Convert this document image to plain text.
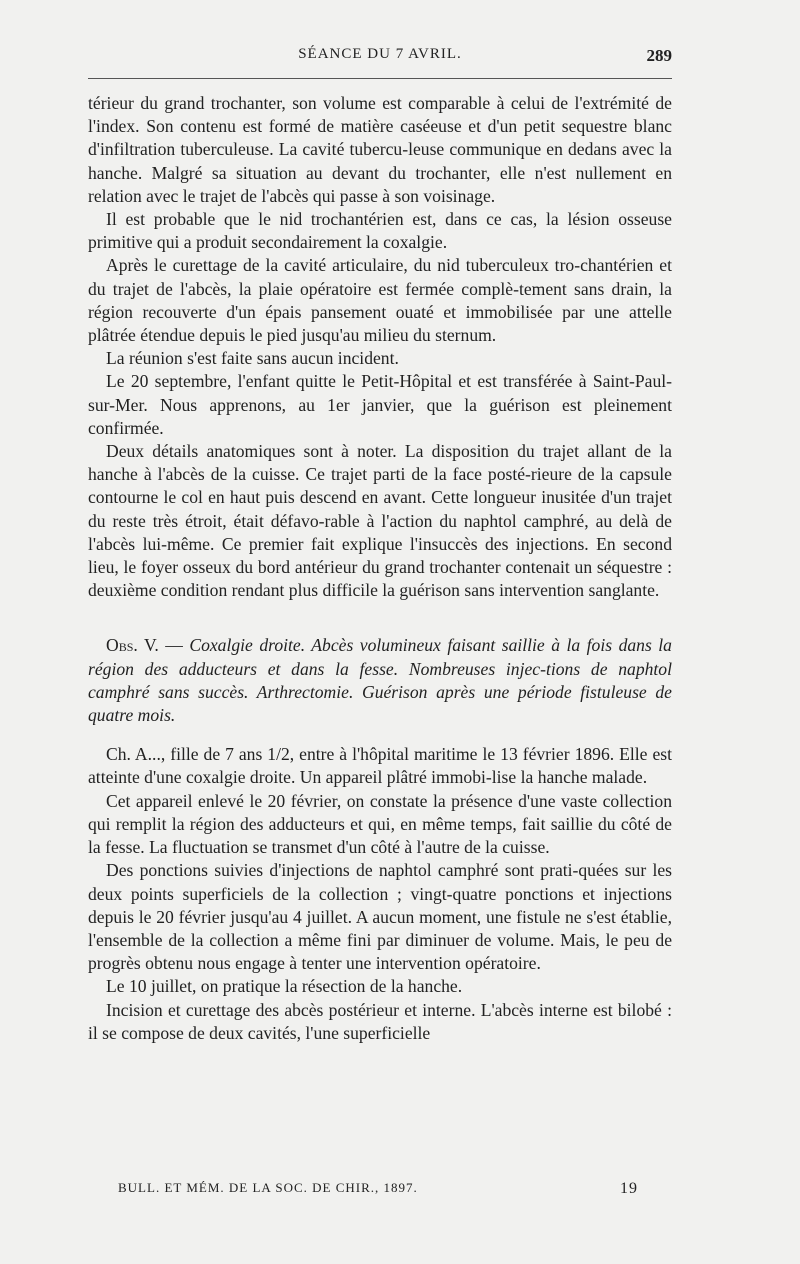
SÉANCE DU 7 AVRIL.	289

térieur du grand trochanter, son volume est comparable à celui de l'extrémité de l'index. Son contenu est formé de matière caséeuse et d'un petit sequestre blanc d'infiltration tuberculeuse. La cavité tubercu-leuse communique en dedans avec la hanche. Malgré sa situation au devant du trochanter, elle n'est nullement en relation avec le trajet de l'abcès qui passe à son voisinage.

Il est probable que le nid trochantérien est, dans ce cas, la lésion osseuse primitive qui a produit secondairement la coxalgie.

Après le curettage de la cavité articulaire, du nid tuberculeux tro-chantérien et du trajet de l'abcès, la plaie opératoire est fermée complè-tement sans drain, la région recouverte d'un épais pansement ouaté et immobilisée par une attelle plâtrée étendue depuis le pied jusqu'au milieu du sternum.

La réunion s'est faite sans aucun incident.

Le 20 septembre, l'enfant quitte le Petit-Hôpital et est transférée à Saint-Paul-sur-Mer. Nous apprenons, au 1er janvier, que la guérison est pleinement confirmée.

Deux détails anatomiques sont à noter. La disposition du trajet allant de la hanche à l'abcès de la cuisse. Ce trajet parti de la face posté-rieure de la capsule contourne le col en haut puis descend en avant. Cette longueur inusitée d'un trajet du reste très étroit, était défavo-rable à l'action du naphtol camphré, au delà de l'abcès lui-même. Ce premier fait explique l'insuccès des injections. En second lieu, le foyer osseux du bord antérieur du grand trochanter contenait un séquestre : deuxième condition rendant plus difficile la guérison sans intervention sanglante.

Obs. V. — Coxalgie droite. Abcès volumineux faisant saillie à la fois dans la région des adducteurs et dans la fesse. Nombreuses injec-tions de naphtol camphré sans succès. Arthrectomie. Guérison après une période fistuleuse de quatre mois.

Ch. A..., fille de 7 ans 1/2, entre à l'hôpital maritime le 13 février 1896. Elle est atteinte d'une coxalgie droite. Un appareil plâtré immobi-lise la hanche malade.

Cet appareil enlevé le 20 février, on constate la présence d'une vaste collection qui remplit la région des adducteurs et qui, en même temps, fait saillie du côté de la fesse. La fluctuation se transmet d'un côté à l'autre de la cuisse.

Des ponctions suivies d'injections de naphtol camphré sont prati-quées sur les deux points superficiels de la collection ; vingt-quatre ponctions et injections depuis le 20 février jusqu'au 4 juillet. A aucun moment, une fistule ne s'est établie, l'ensemble de la collection a même fini par diminuer de volume. Mais, le peu de progrès obtenu nous engage à tenter une intervention opératoire.

Le 10 juillet, on pratique la résection de la hanche.

Incision et curettage des abcès postérieur et interne. L'abcès interne est bilobé : il se compose de deux cavités, l'une superficielle

BULL. ET MÉM. DE LA SOC. DE CHIR., 1897.	19
